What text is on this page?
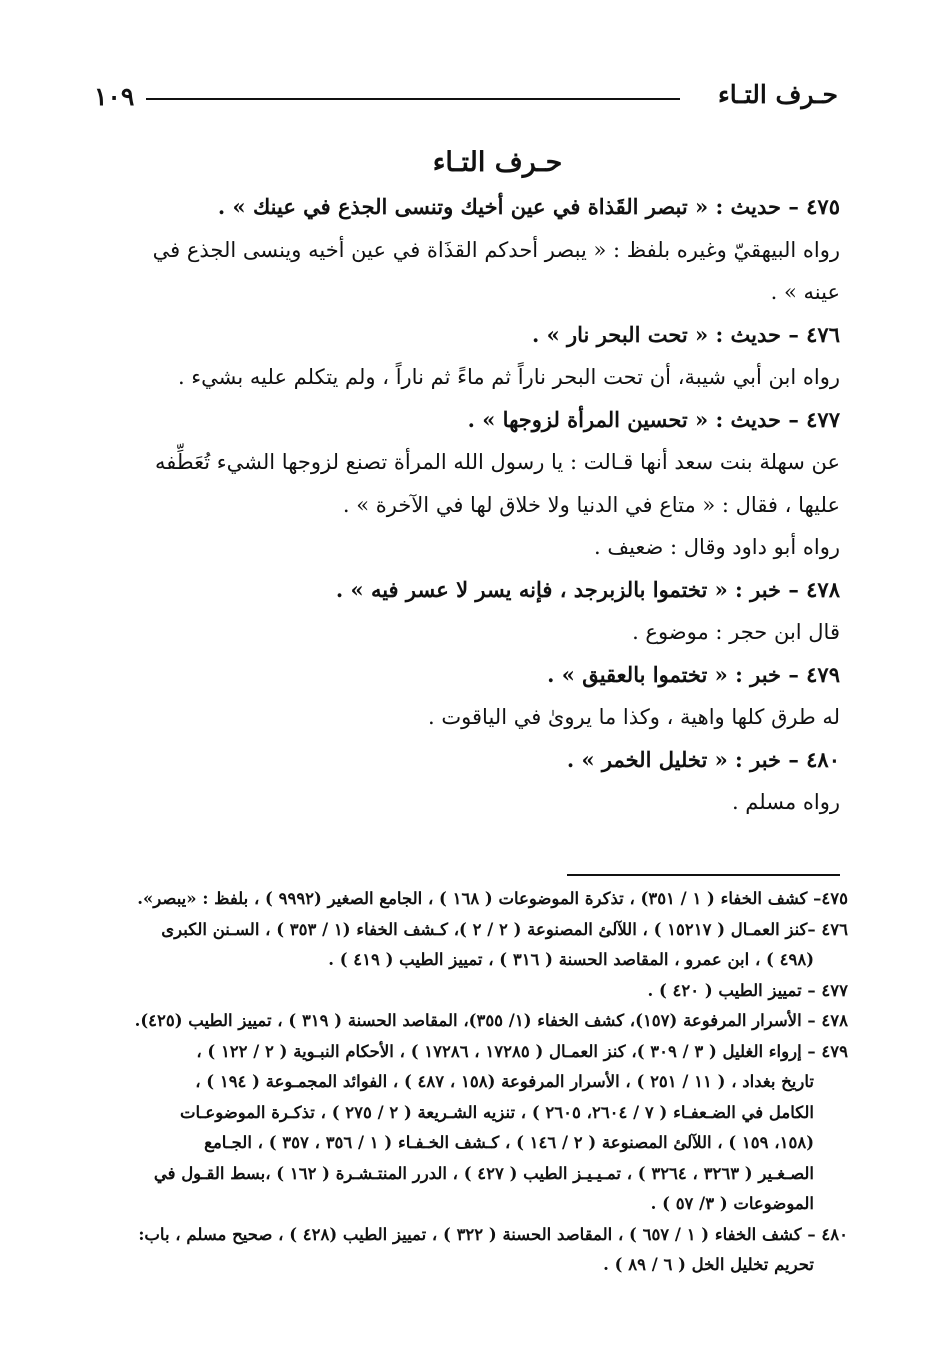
١٠٩	حـرف التـاء
حـرف التـاء
٤٧٥ – حديث : « تبصر القَذاة في عين أخيك وتنسى الجذع في عينك » .
رواه البيهقيّ وغيره بلفظ : « يبصر أحدكم القذَاة في عين أخيه وينسى الجذع في
عينه » .
٤٧٦ – حديث : « تحت البحر نار » .
رواه ابن أبي شيبة، أن تحت البحر ناراً ثم ماءً ثم ناراً ، ولم يتكلم عليه بشيء .
٤٧٧ – حديث : « تحسين المرأة لزوجها » .
عن سهلة بنت سعد أنها قـالت : يا رسول الله المرأة تصنع لزوجها الشيء تُعَطِّفه
عليها ، فقال : « متاع في الدنيا ولا خلاق لها في الآخرة » .
رواه أبو داود وقال : ضعيف .
٤٧٨ – خبر : « تختموا بالزبرجد ، فإنه يسر لا عسر فيه » .
قال ابن حجر : موضوع .
٤٧٩ – خبر : « تختموا بالعقيق » .
له طرق كلها واهية ، وكذا ما يروىٰ في الياقوت .
٤٨٠ – خبر : « تخليل الخمر » .
رواه مسلم .
٤٧٥– كشف الخفاء ( ١ / ٣٥١) ، تذكرة الموضوعات ( ١٦٨ ) ، الجامع الصغير (٩٩٩٢ ) ، بلفظ : «يبصر».
٤٧٦ –كنز العمـال ( ١٥٢١٧ ) ، اللآلئ المصنوعة ( ٢ / ٢ )، كـشف الخفاء (١ / ٣٥٣ ) ، السـنن الكبرى
(٤٩٨ ) ، ابن عمرو ، المقاصد الحسنة ( ٣١٦ ) ، تمييز الطيب ( ٤١٩ ) .
٤٧٧ – تمييز الطيب ( ٤٢٠ ) .
٤٧٨ – الأسرار المرفوعة (١٥٧)، كشف الخفاء (١/ ٣٥٥)، المقاصد الحسنة ( ٣١٩ ) ، تمييز الطيب (٤٢٥).
٤٧٩ – إرواء الغليل ( ٣ / ٣٠٩ )، كنز العمـال ( ١٧٢٨٥ ، ١٧٢٨٦ ) ، الأحكام النبـوية ( ٢ / ١٢٢ ) ،
تاريخ بغداد ، ( ١١ / ٢٥١ ) ، الأسرار المرفوعة (١٥٨ ، ٤٨٧ ) ، الفوائد المجمـوعة ( ١٩٤ ) ،
الكامل في الضـعفـاء ( ٧ / ٢٦٠٤، ٢٦٠٥ ) ، تنزيه الشـريعة ( ٢ / ٢٧٥ ) ، تذكـرة الموضوعـات
(١٥٨، ١٥٩ ) ، اللآلئ المصنوعة ( ٢ / ١٤٦ ) ، كـشف الخـفـاء ( ١ / ٣٥٦ ، ٣٥٧ ) ، الجـامع
الصـغـير ( ٣٢٦٣ ، ٣٢٦٤ ) ، تمـيـيـز الطيب ( ٤٢٧ ) ، الدرر المنتـشـرة ( ١٦٢ ) ،بسط القـول في
الموضوعات ( ٣/ ٥٧ ) .
٤٨٠ – كشف الخفاء ( ١ / ٦٥٧ ) ، المقاصد الحسنة ( ٣٢٢ ) ، تمييز الطيب (٤٢٨ ) ، صحيح مسلم ، باب:
تحريم تخليل الخل ( ٦ / ٨٩ ) .
